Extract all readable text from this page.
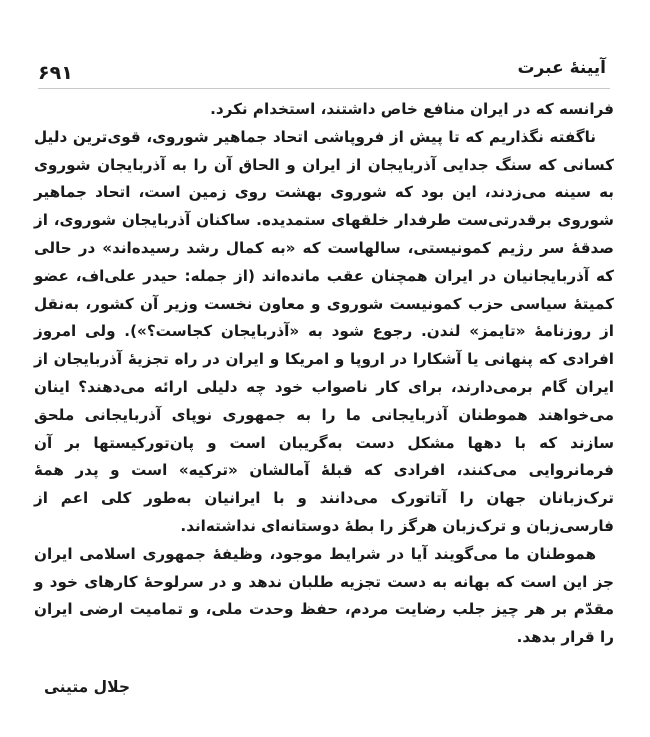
۶۹۱	آیینهٔ عبرت

فرانسه که در ایران منافع خاص داشتند، استخدام نکرد.

ناگفته نگذاریم که تا پیش از فروپاشی اتحاد جماهیر شوروی، قوی‌ترین دلیل کسانی که سنگ جدایی آذربایجان از ایران و الحاق آن را به آذربایجان شوروی به سینه می‌زدند، این بود که شوروی بهشت روی زمین است، اتحاد جماهیر شوروی برقدرتی‌ست طرفدار خلقهای ستمدیده. ساکنان آذربایجان شوروی، از صدقهٔ سر رژیم کمونیستی، سالهاست که «به کمال رشد رسیده‌اند» در حالی که آذربایجانیان در ایران همچنان عقب مانده‌اند (از جمله: حیدر علی‌اف، عضو کمیتهٔ سیاسی حزب کمونیست شوروی و معاون نخست وزیر آن کشور، به‌نقل از روزنامهٔ «تایمز» لندن. رجوع شود به «آذربایجان کجاست؟»). ولی امروز افرادی که پنهانی یا آشکارا در اروپا و امریکا و ایران در راه تجزیهٔ آذربایجان از ایران گام برمی‌دارند، برای کار ناصواب خود چه دلیلی ارائه می‌دهند؟ اینان می‌خواهند هموطنان آذربایجانی ما را به جمهوری نوپای آذربایجانی ملحق سازند که با دهها مشکل دست به‌گریبان است و پان‌تورکیستها بر آن فرمانروایی می‌کنند، افرادی که قبلهٔ آمالشان «ترکیه» است و پدر همهٔ ترک‌زبانان جهان را آتاتورک می‌دانند و با ایرانیان به‌طور کلی اعم از فارسی‌زبان و ترک‌زبان هرگز را بطهٔ دوستانه‌ای نداشته‌اند.

هموطنان ما می‌گویند آیا در شرایط موجود، وظیفهٔ جمهوری اسلامی ایران جز این است که بهانه به دست تجزیه طلبان ندهد و در سرلوحهٔ کارهای خود و مقدّم بر هر چیز جلب رضایت مردم، حفظ وحدت ملی، و تمامیت ارضی ایران را قرار بدهد.

جلال متینی
